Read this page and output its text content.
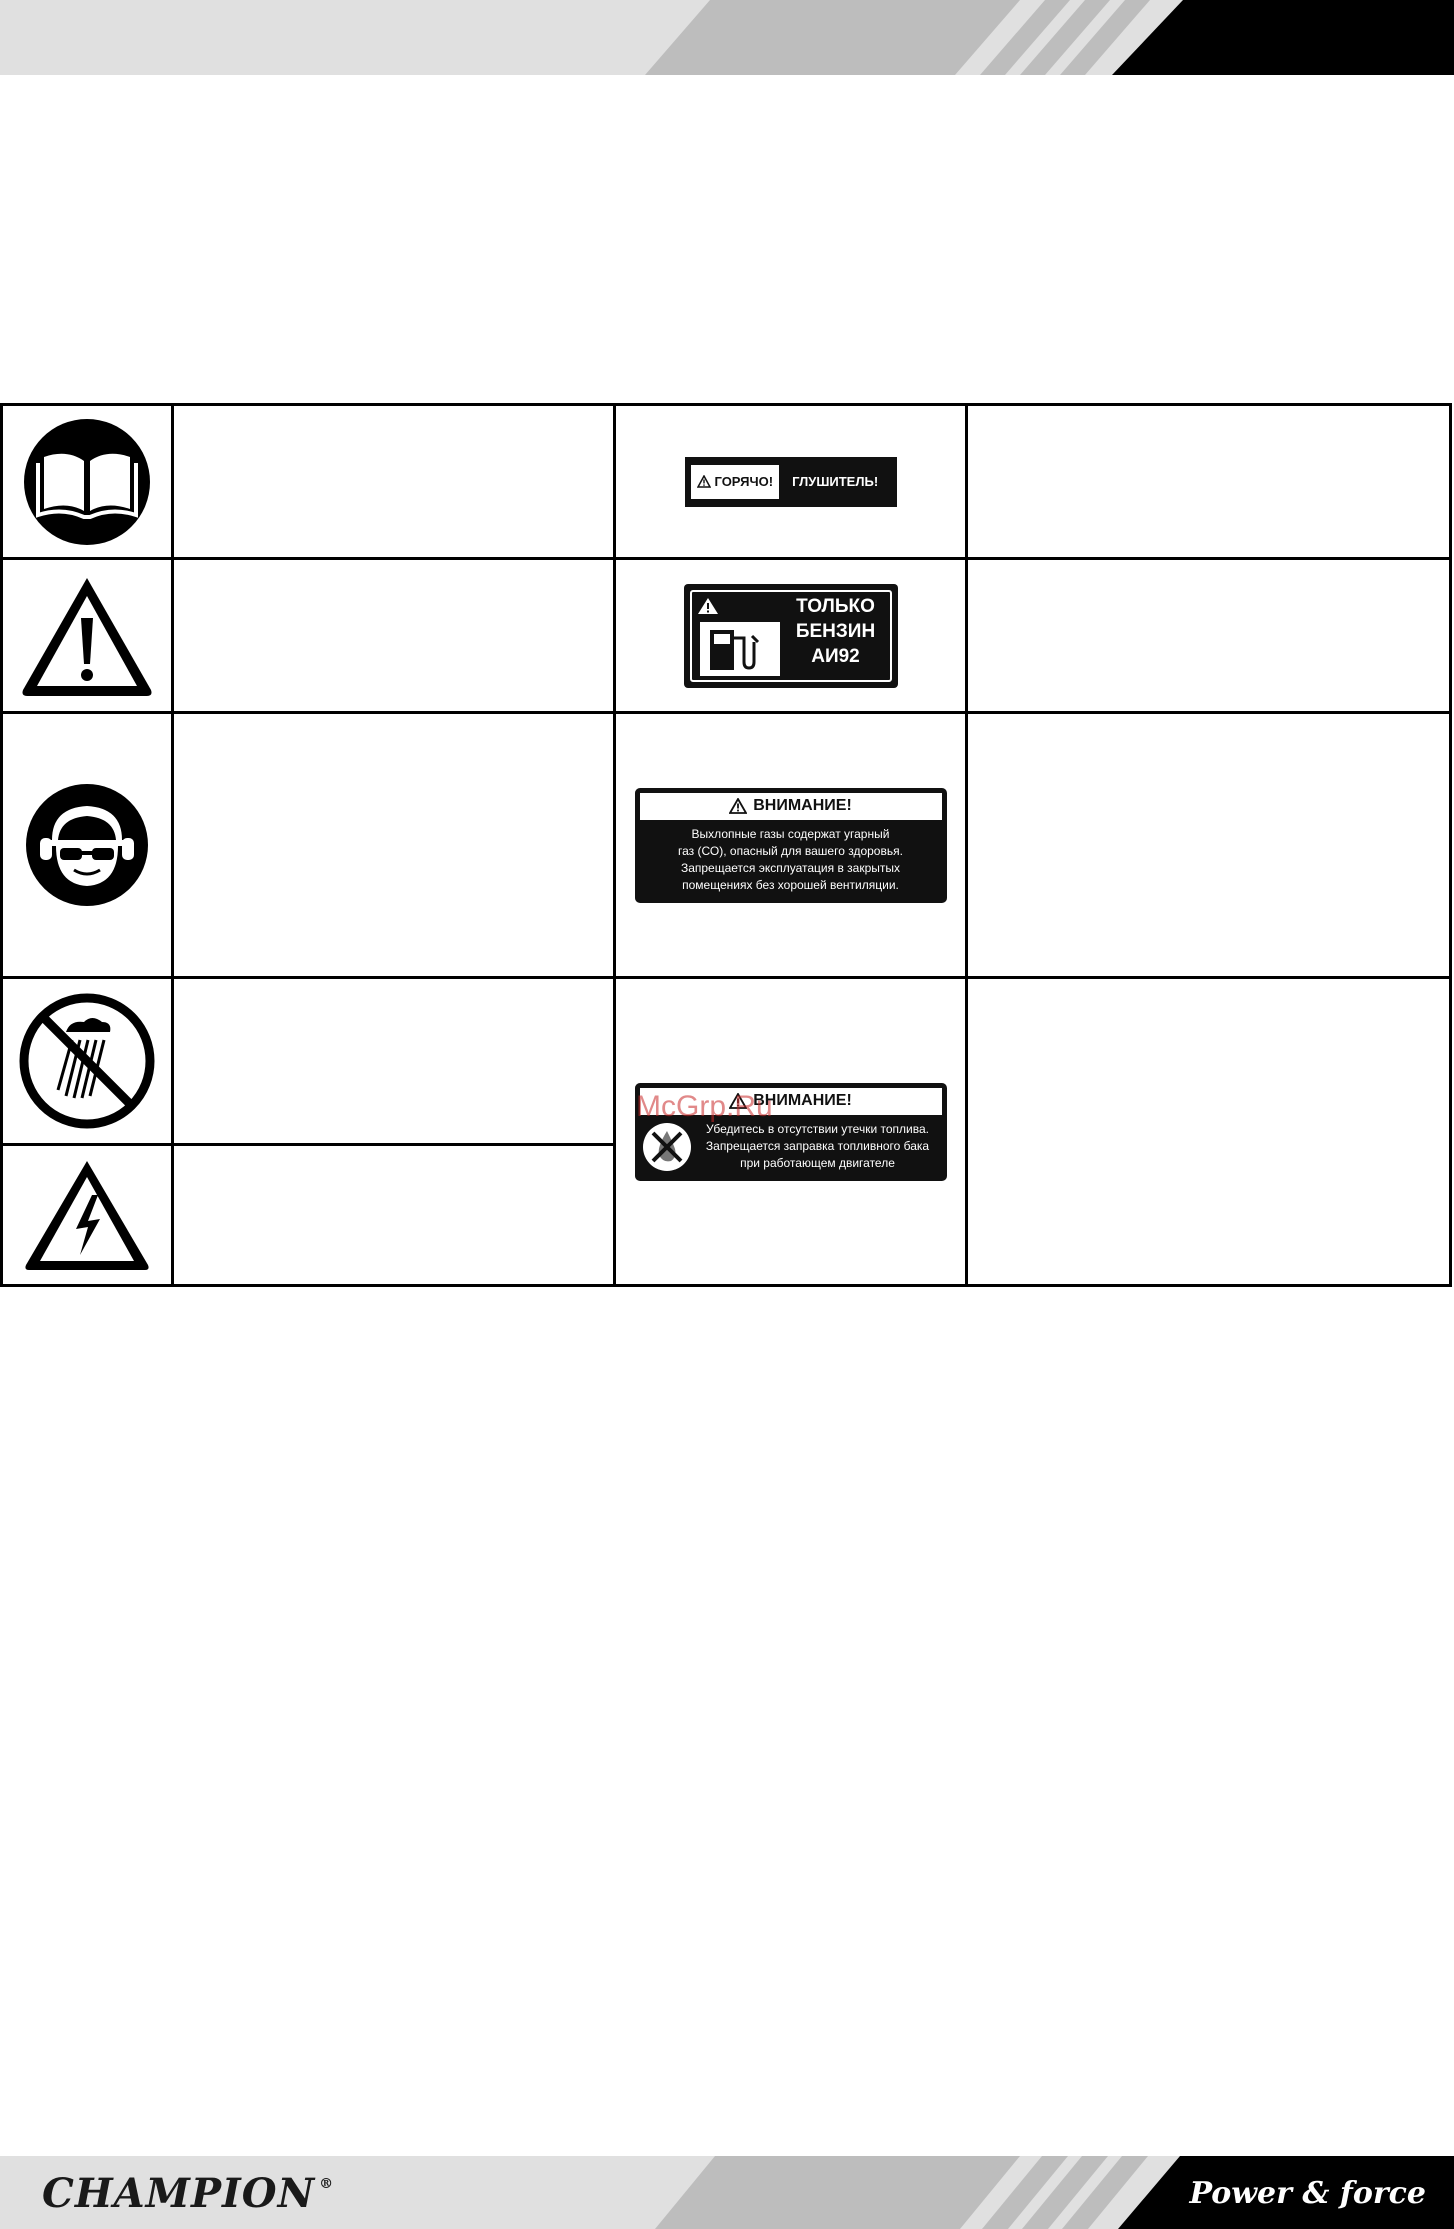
ГОРЯЧО!	ГЛУШИТЕЛЬ!
ТОЛЬКО
БЕНЗИН
АИ92
ВНИМАНИЕ!
Выхлопные газы содержат угарный
газ (СО), опасный для вашего здоровья.
Запрещается эксплуатация в закрытых
помещениях без хорошей вентиляции.
ВНИМАНИЕ!
Убедитесь в отсутствии утечки топлива.
Запрещается заправка топливного бака
при работающем двигателе
McGrp.Ru
CHAMPION ®	Power & force
